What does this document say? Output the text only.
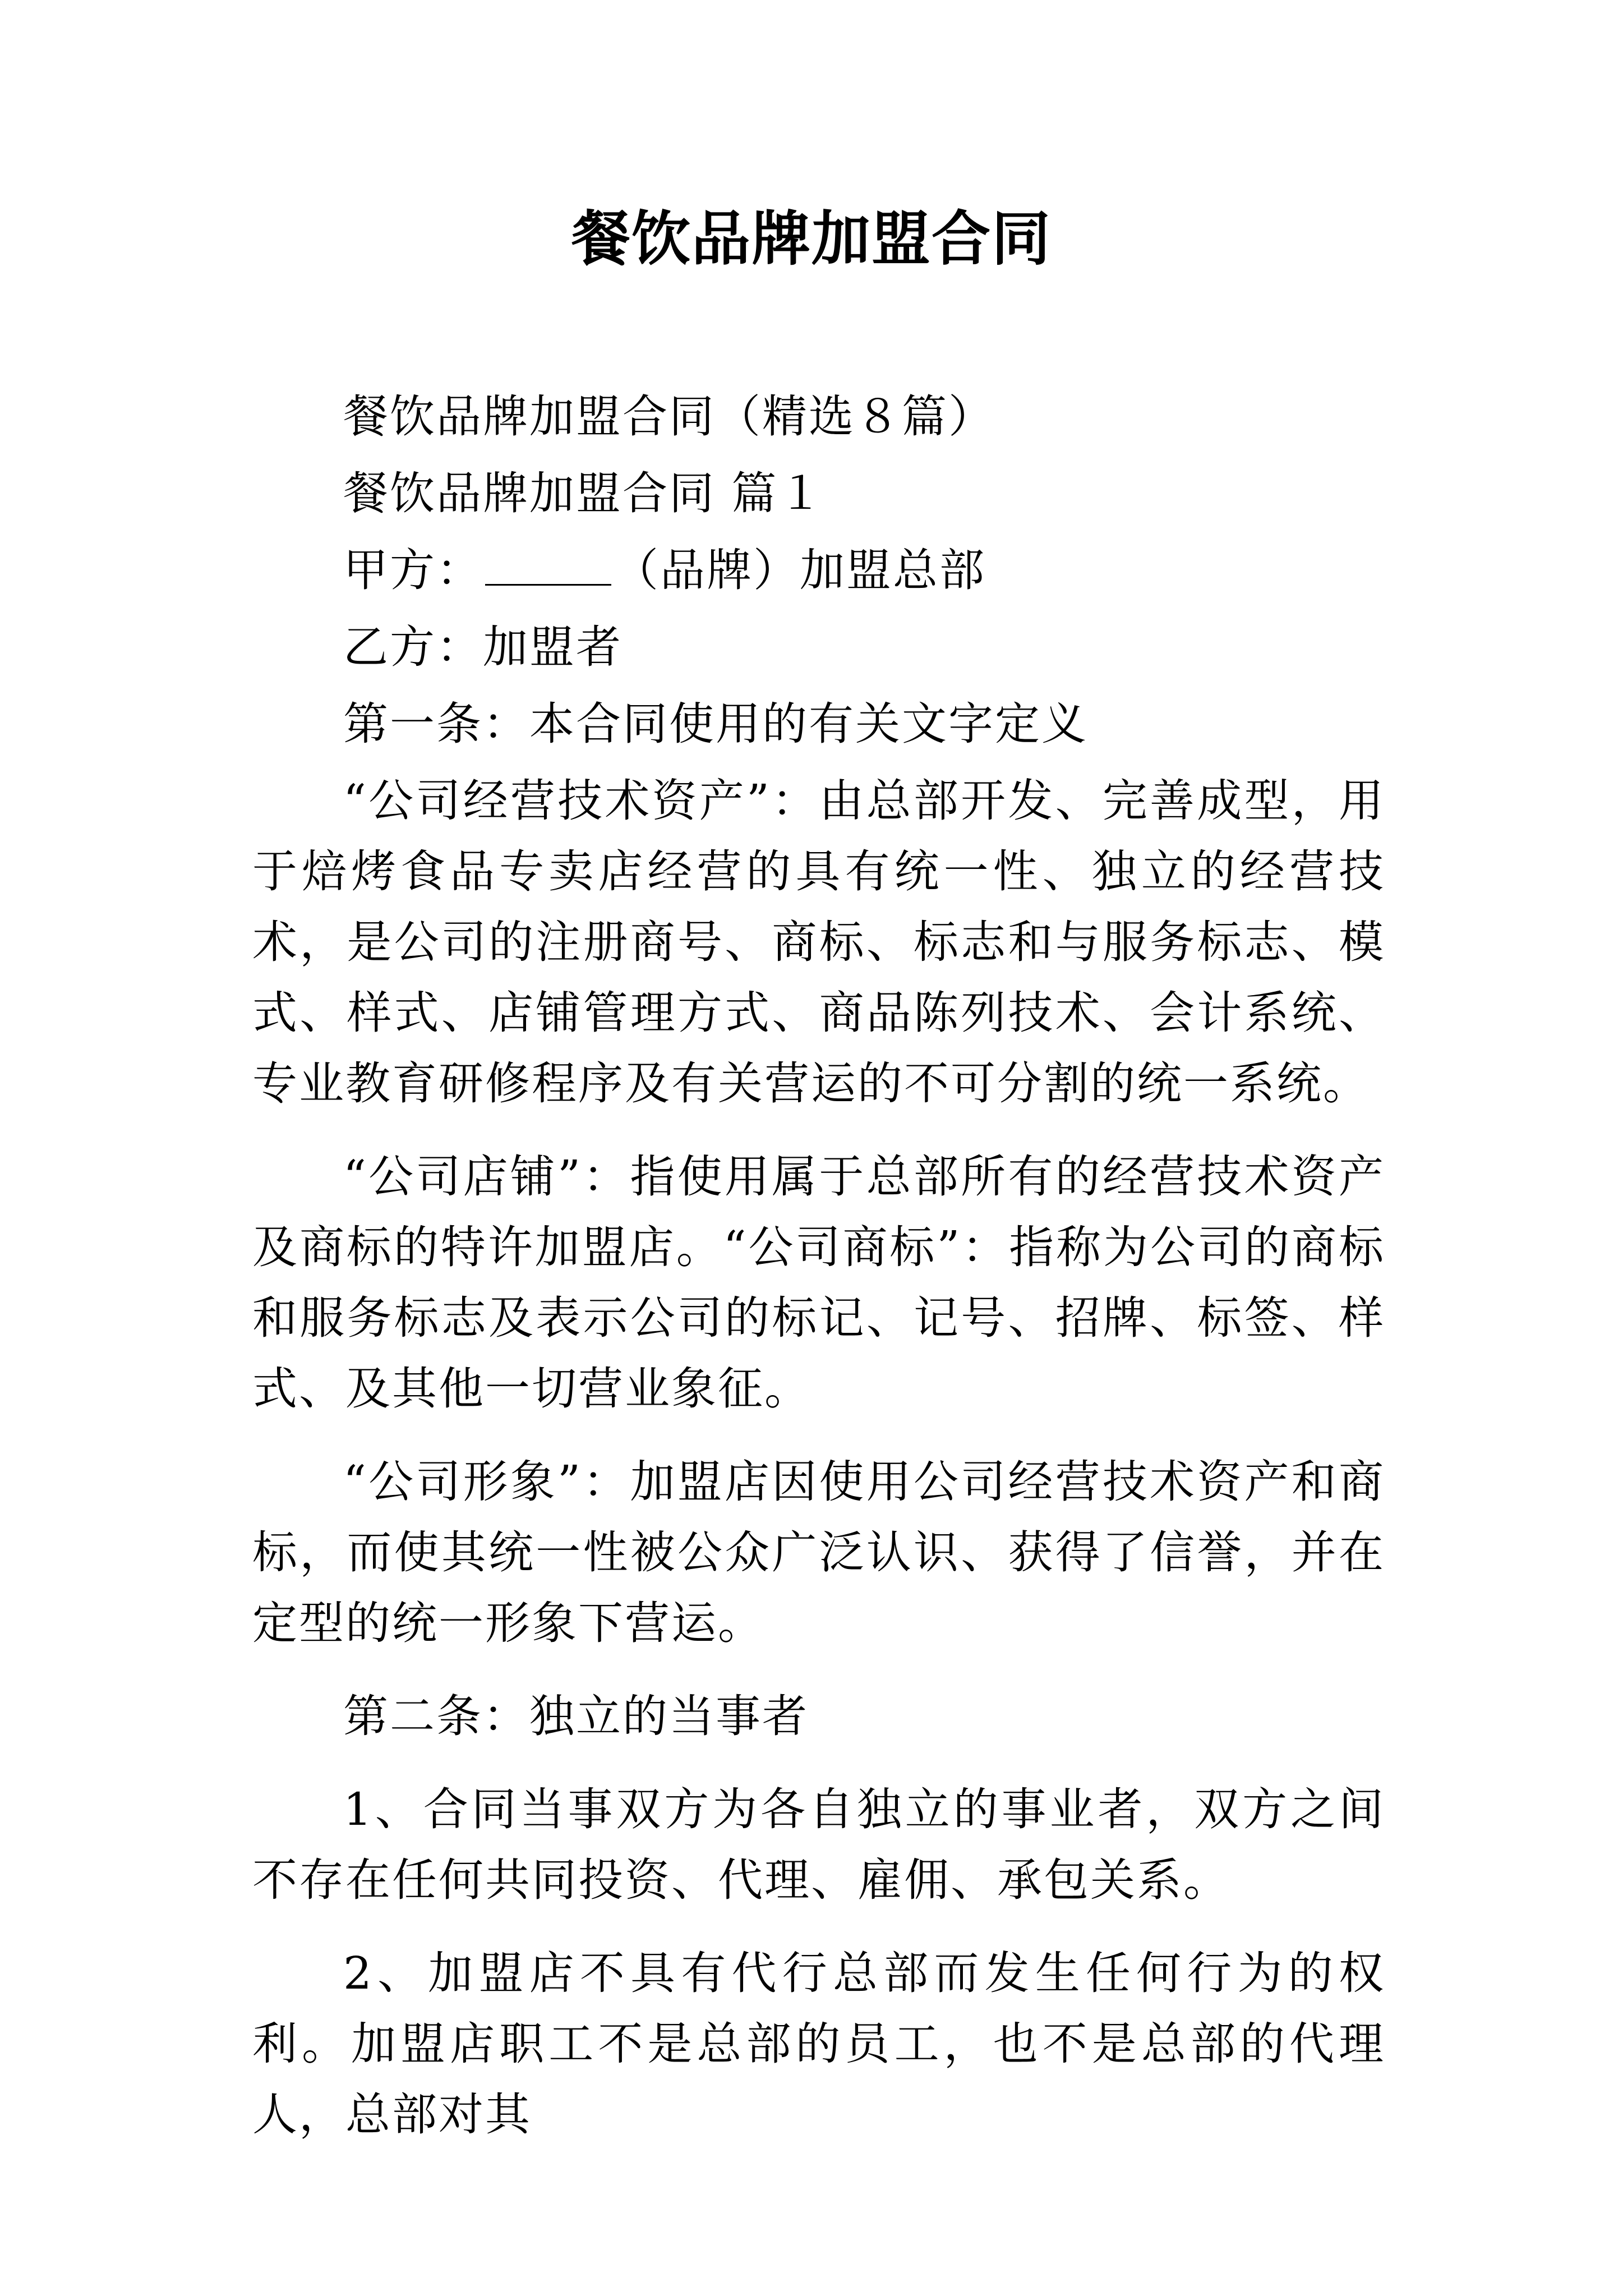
餐饮品牌加盟合同

餐饮品牌加盟合同（精选８篇）

餐饮品牌加盟合同 篇１

甲方：	（品牌）加盟总部

乙方：加盟者

第一条：本合同使用的有关文字定义

“公司经营技术资产”：由总部开发、完善成型，用于焙烤食品专卖店经营的具有统一性、独立的经营技术，是公司的注册商号、商标、标志和与服务标志、模式、样式、店铺管理方式、商品陈列技术、会计系统、专业教育研修程序及有关营运的不可分割的统一系统。

“公司店铺”：指使用属于总部所有的经营技术资产及商标的特许加盟店。“公司商标”：指称为公司的商标和服务标志及表示公司的标记、记号、招牌、标签、样式、及其他一切营业象征。

“公司形象”：加盟店因使用公司经营技术资产和商标，而使其统一性被公众广泛认识、获得了信誉，并在定型的统一形象下营运。

第二条：独立的当事者

1、合同当事双方为各自独立的事业者，双方之间不存在任何共同投资、代理、雇佣、承包关系。

2、加盟店不具有代行总部而发生任何行为的权利。加盟店职工不是总部的员工，也不是总部的代理人，总部对其
